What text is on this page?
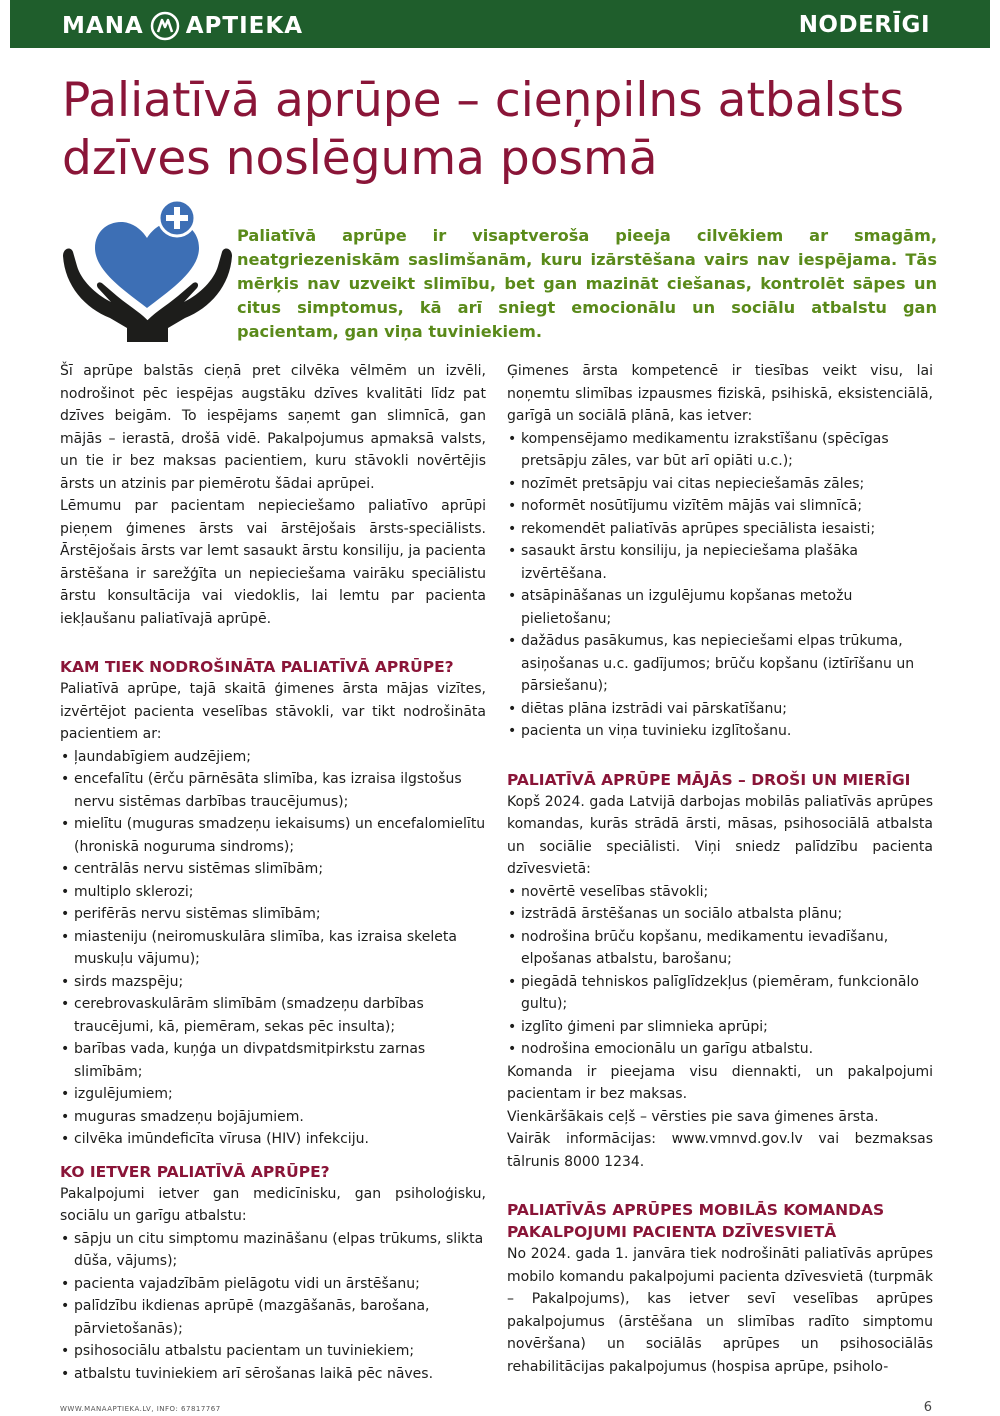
MANA APTIEKA	NODERĪGI
Paliatīvā aprūpe – cieņpilns atbalsts dzīves noslēguma posmā

Paliatīvā aprūpe ir visaptveroša pieeja cilvēkiem ar smagām, neatgriezeniskām saslimšanām, kuru izārstēšana vairs nav iespējama. Tās mērķis nav uzveikt slimību, bet gan mazināt ciešanas, kontrolēt sāpes un citus simptomus, kā arī sniegt emocionālu un sociālu atbalstu gan pacientam, gan viņa tuviniekiem.

Šī aprūpe balstās cieņā pret cilvēka vēlmēm un izvēli, nodrošinot pēc iespējas augstāku dzīves kvalitāti līdz pat dzīves beigām. To iespējams saņemt gan slimnīcā, gan mājās – ierastā, drošā vidē. Pakalpojumus apmaksā valsts, un tie ir bez maksas pacientiem, kuru stāvokli novērtējis ārsts un atzinis par piemērotu šādai aprūpei.

Lēmumu par pacientam nepieciešamo paliatīvo aprūpi pieņem ģimenes ārsts vai ārstējošais ārsts-speciālists. Ārstējošais ārsts var lemt sasaukt ārstu konsiliju, ja pacienta ārstēšana ir sarežģīta un nepieciešama vairāku speciālistu ārstu konsultācija vai viedoklis, lai lemtu par pacienta iekļaušanu paliatīvajā aprūpē.

KAM TIEK NODROŠINĀTA PALIATĪVĀ APRŪPE?

Paliatīvā aprūpe, tajā skaitā ģimenes ārsta mājas vizītes, izvērtējot pacienta veselības stāvokli, var tikt nodrošināta pacientiem ar:

• ļaundabīgiem audzējiem;
• encefalītu (ērču pārnēsāta slimība, kas izraisa ilgstošus nervu sistēmas darbības traucējumus);
• mielītu (muguras smadzeņu iekaisums) un encefalomielītu (hroniskā noguruma sindroms);
• centrālās nervu sistēmas slimībām;
• multiplo sklerozi;
• perifērās nervu sistēmas slimībām;
• miasteniju (neiromuskulāra slimība, kas izraisa skeleta muskuļu vājumu);
• sirds mazspēju;
• cerebrovaskulārām slimībām (smadzeņu darbības traucējumi, kā, piemēram, sekas pēc insulta);
• barības vada, kuņģa un divpatdsmitpirkstu zarnas slimībām;
• izgulējumiem;
• muguras smadzeņu bojājumiem.
• cilvēka imūndeficīta vīrusa (HIV) infekciju.
KO IETVER PALIATĪVĀ APRŪPE?

Pakalpojumi ietver gan medicīnisku, gan psiholoģisku, sociālu un garīgu atbalstu:

• sāpju un citu simptomu mazināšanu (elpas trūkums, slikta dūša, vājums);
• pacienta vajadzībām pielāgotu vidi un ārstēšanu;
• palīdzību ikdienas aprūpē (mazgāšanās, barošana, pārvietošanās);
• psihosociālu atbalstu pacientam un tuviniekiem;
• atbalstu tuviniekiem arī sērošanas laikā pēc nāves.

Ģimenes ārsta kompetencē ir tiesības veikt visu, lai noņemtu slimības izpausmes fiziskā, psihiskā, eksistenciālā, garīgā un sociālā plānā, kas ietver:

• kompensējamo medikamentu izrakstīšanu (spēcīgas pretsāpju zāles, var būt arī opiāti u.c.);
• nozīmēt pretsāpju vai citas nepieciešamās zāles;
• noformēt nosūtījumu vizītēm mājās vai slimnīcā;
• rekomendēt paliatīvās aprūpes speciālista iesaisti;
• sasaukt ārstu konsiliju, ja nepieciešama plašāka izvērtēšana.
• atsāpināšanas un izgulējumu kopšanas metožu pielietošanu;
• dažādus pasākumus, kas nepieciešami elpas trūkuma, asiņošanas u.c. gadījumos; brūču kopšanu (iztīrīšanu un pārsiešanu);
• diētas plāna izstrādi vai pārskatīšanu;
• pacienta un viņa tuvinieku izglītošanu.
PALIATĪVĀ APRŪPE MĀJĀS – DROŠI UN MIERĪGI

Kopš 2024. gada Latvijā darbojas mobilās paliatīvās aprūpes komandas, kurās strādā ārsti, māsas, psihosociālā atbalsta un sociālie speciālisti. Viņi sniedz palīdzību pacienta dzīvesvietā:

• novērtē veselības stāvokli;
• izstrādā ārstēšanas un sociālo atbalsta plānu;
• nodrošina brūču kopšanu, medikamentu ievadīšanu, elpošanas atbalstu, barošanu;
• piegādā tehniskos palīglīdzekļus (piemēram, funkcionālo gultu);
• izglīto ģimeni par slimnieka aprūpi;
• nodrošina emocionālu un garīgu atbalstu.

Komanda ir pieejama visu diennakti, un pakalpojumi pacientam ir bez maksas.

Vienkāršākais ceļš – vērsties pie sava ģimenes ārsta.

Vairāk informācijas: www.vmnvd.gov.lv vai bezmaksas tālrunis 8000 1234.

PALIATĪVĀS APRŪPES MOBILĀS KOMANDAS PAKALPOJUMI PACIENTA DZĪVESVIETĀ

No 2024. gada 1. janvāra tiek nodrošināti paliatīvās aprūpes mobilo komandu pakalpojumi pacienta dzīvesvietā (turpmāk – Pakalpojums), kas ietver sevī veselības aprūpes pakalpojumus (ārstēšana un slimības radīto simptomu novēršana) un sociālās aprūpes un psihosociālās rehabilitācijas pakalpojumus (hospisa aprūpe, psiholo-

WWW.MANAAPTIEKA.LV, INFO: 67817767	6
